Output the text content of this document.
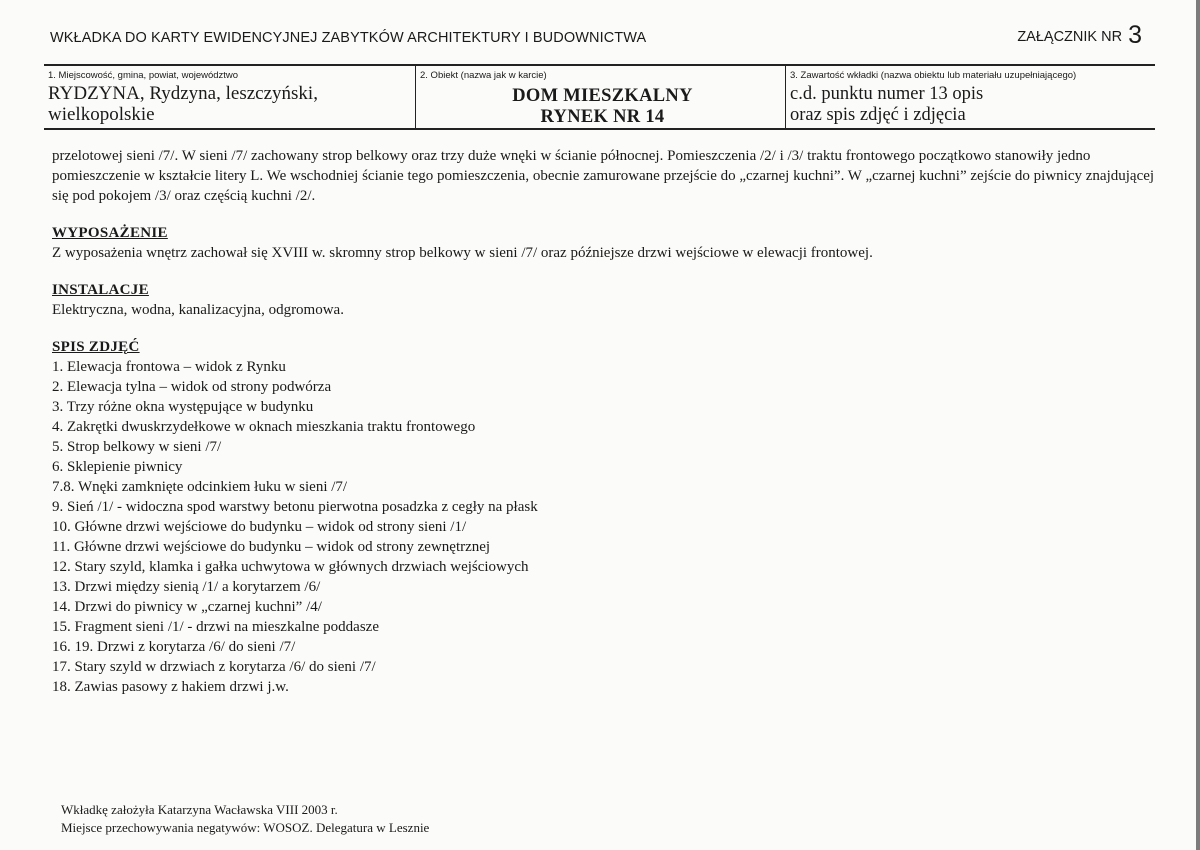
WKŁADKA DO KARTY EWIDENCYJNEJ ZABYTKÓW ARCHITEKTURY I BUDOWNICTWA	ZAŁĄCZNIK NR 3
1. Miejscowość, gmina, powiat, województwo
RYDZYNA, Rydzyna, leszczyński,
wielkopolskie
2. Obiekt (nazwa jak w karcie)
DOM MIESZKALNY
RYNEK NR 14
3. Zawartość wkładki (nazwa obiektu lub materiału uzupełniającego)
c.d. punktu numer 13 opis
oraz spis zdjęć i zdjęcia

przelotowej sieni /7/. W sieni /7/ zachowany strop belkowy oraz trzy duże wnęki w ścianie północnej. Pomieszczenia /2/ i /3/ traktu frontowego początkowo stanowiły jedno pomieszczenie w kształcie litery L. We wschodniej ścianie tego pomieszczenia, obecnie zamurowane przejście do „czarnej kuchni”. W „czarnej kuchni” zejście do piwnicy znajdującej się pod pokojem /3/ oraz częścią kuchni /2/.

WYPOSAŻENIE

Z wyposażenia wnętrz zachował się XVIII w. skromny strop belkowy w sieni /7/ oraz późniejsze drzwi wejściowe w elewacji frontowej.

INSTALACJE

Elektryczna, wodna, kanalizacyjna, odgromowa.

SPIS ZDJĘĆ

1. Elewacja frontowa – widok z Rynku
2. Elewacja tylna – widok od strony podwórza
3. Trzy różne okna występujące w budynku
4. Zakrętki dwuskrzydełkowe w oknach mieszkania traktu frontowego
5. Strop belkowy w sieni /7/
6. Sklepienie piwnicy
7.8. Wnęki zamknięte odcinkiem łuku w sieni /7/
9. Sień /1/ - widoczna spod warstwy betonu pierwotna posadzka z cegły na płask
10. Główne drzwi wejściowe do budynku – widok od strony sieni /1/
11. Główne drzwi wejściowe do budynku – widok od strony zewnętrznej
12. Stary szyld, klamka i gałka uchwytowa w głównych drzwiach wejściowych
13. Drzwi między sienią /1/ a korytarzem /6/
14. Drzwi do piwnicy w „czarnej kuchni” /4/
15. Fragment sieni /1/ - drzwi na mieszkalne poddasze
16. 19. Drzwi z korytarza /6/ do sieni /7/
17. Stary szyld w drzwiach z korytarza /6/ do sieni /7/
18. Zawias pasowy z hakiem drzwi j.w.
Wkładkę założyła Katarzyna Wacławska VIII 2003 r.
Miejsce przechowywania negatywów: WOSOZ. Delegatura w Lesznie
